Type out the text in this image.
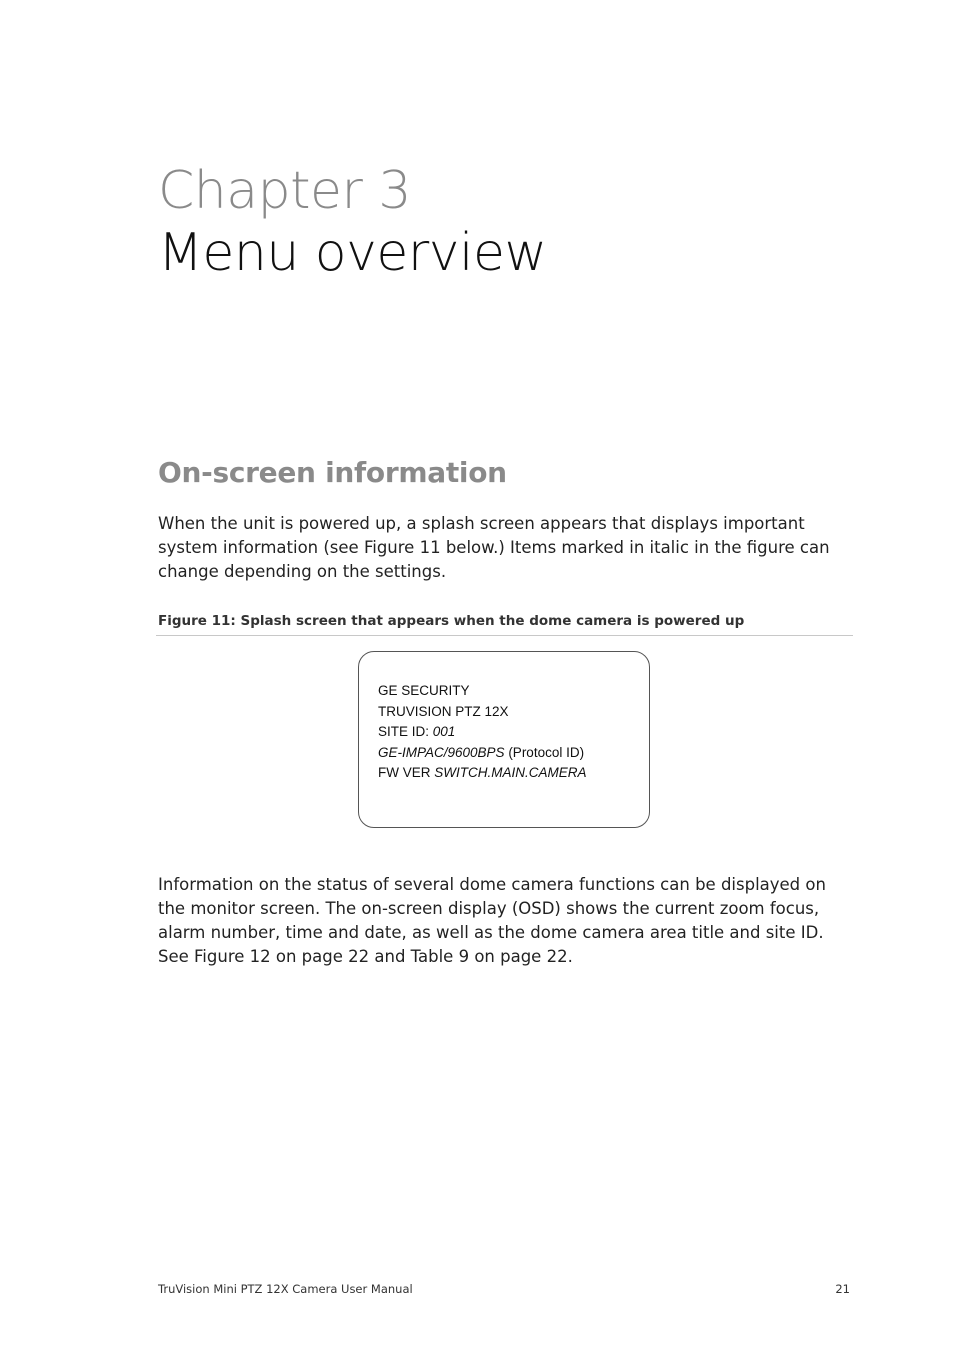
Chapter 3
Menu overview
On-screen information

When the unit is powered up, a splash screen appears that displays important system information (see Figure 11 below.) Items marked in italic in the figure can change depending on the settings.

Figure 11: Splash screen that appears when the dome camera is powered up
GE SECURITY
TRUVISION PTZ 12X
SITE ID: 001
GE-IMPAC/9600BPS (Protocol ID)
FW VER SWITCH.MAIN.CAMERA

Information on the status of several dome camera functions can be displayed on the monitor screen. The on-screen display (OSD) shows the current zoom focus, alarm number, time and date, as well as the dome camera area title and site ID. See Figure 12 on page 22 and Table 9 on page 22.

TruVision Mini PTZ 12X Camera User Manual	21
